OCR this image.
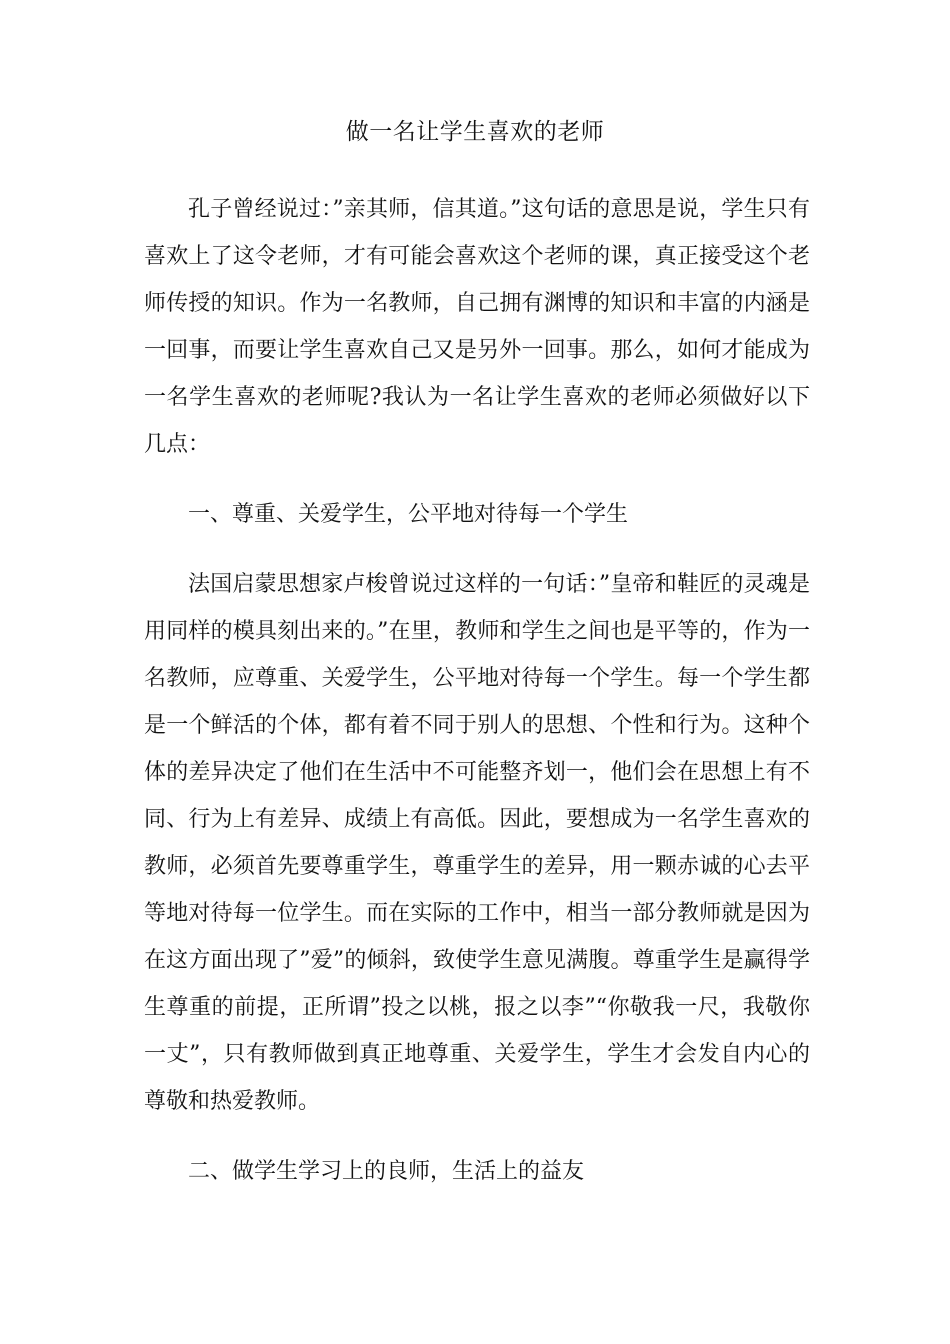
做一名让学生喜欢的老师

孔子曾经说过：”亲其师，信其道。”这句话的意思是说，学生只有喜欢上了这令老师，才有可能会喜欢这个老师的课，真正接受这个老师传授的知识。作为一名教师，自己拥有渊博的知识和丰富的内涵是一回事，而要让学生喜欢自己又是另外一回事。那么，如何才能成为一名学生喜欢的老师呢?我认为一名让学生喜欢的老师必须做好以下几点：

一、尊重、关爱学生，公平地对待每一个学生

法国启蒙思想家卢梭曾说过这样的一句话：”皇帝和鞋匠的灵魂是用同样的模具刻出来的。”在里，教师和学生之间也是平等的，作为一名教师，应尊重、关爱学生，公平地对待每一个学生。每一个学生都是一个鲜活的个体，都有着不同于别人的思想、个性和行为。这种个体的差异决定了他们在生活中不可能整齐划一，他们会在思想上有不同、行为上有差异、成绩上有高低。因此，要想成为一名学生喜欢的教师，必须首先要尊重学生，尊重学生的差异，用一颗赤诚的心去平等地对待每一位学生。而在实际的工作中，相当一部分教师就是因为在这方面出现了”爱”的倾斜，致使学生意见满腹。尊重学生是赢得学生尊重的前提，正所谓”投之以桃，报之以李”“你敬我一尺，我敬你一丈”，只有教师做到真正地尊重、关爱学生，学生才会发自内心的尊敬和热爱教师。

二、做学生学习上的良师，生活上的益友
